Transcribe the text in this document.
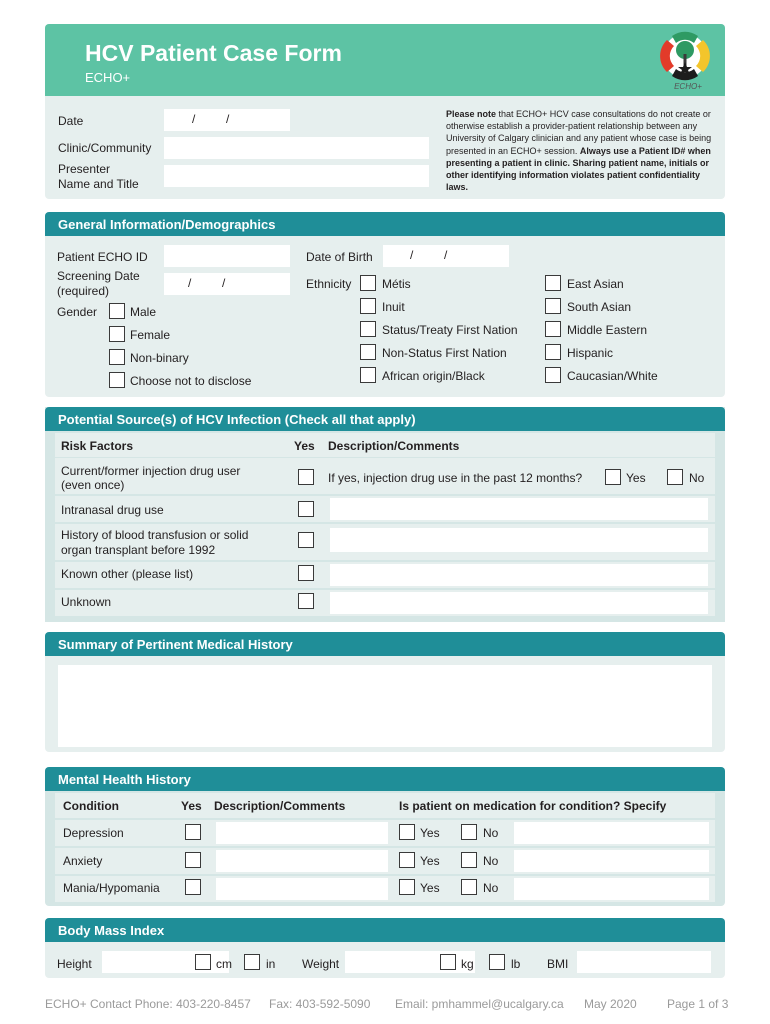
HCV Patient Case Form
ECHO+
ECHO+
Date	/	/
Clinic/Community
Presenter
Name and Title
Please note that ECHO+ HCV case consultations do not create or otherwise establish a provider-patient relationship between any University of Calgary clinician and any patient whose case is being presented in an ECHO+ session. Always use a Patient ID# when presenting a patient in clinic. Sharing patient name, initials or other identifying information violates patient confidentiality laws.
General Information/Demographics
Patient ECHO ID
Screening Date
(required)
/	/
Gender	Male
Female
Non-binary
Choose not to disclose
Date of Birth	/	/
Ethnicity	Métis
Inuit
Status/Treaty First Nation
Non-Status First Nation
African origin/Black
East Asian
South Asian
Middle Eastern
Hispanic
Caucasian/White
Potential Source(s) of HCV Infection (Check all that apply)
Risk Factors	Yes Description/Comments
Current/former injection drug user
(even once)	If yes, injection drug use in the past 12 months?	Yes	No
Intranasal drug use
History of blood transfusion or solid
organ transplant before 1992
Known other (please list)
Unknown
Summary of Pertinent Medical History
Mental Health History
Condition	Yes Description/Comments	Is patient on medication for condition? Specify
Depression	Yes	No
Anxiety	Yes	No
Mania/Hypomania	Yes	No
Body Mass Index
Height	cm	in Weight	kg	lb BMI
ECHO+ Contact Phone: 403-220-8457 Fax: 403-592-5090 Email: pmhammel@ucalgary.ca May 2020	Page 1 of 3
